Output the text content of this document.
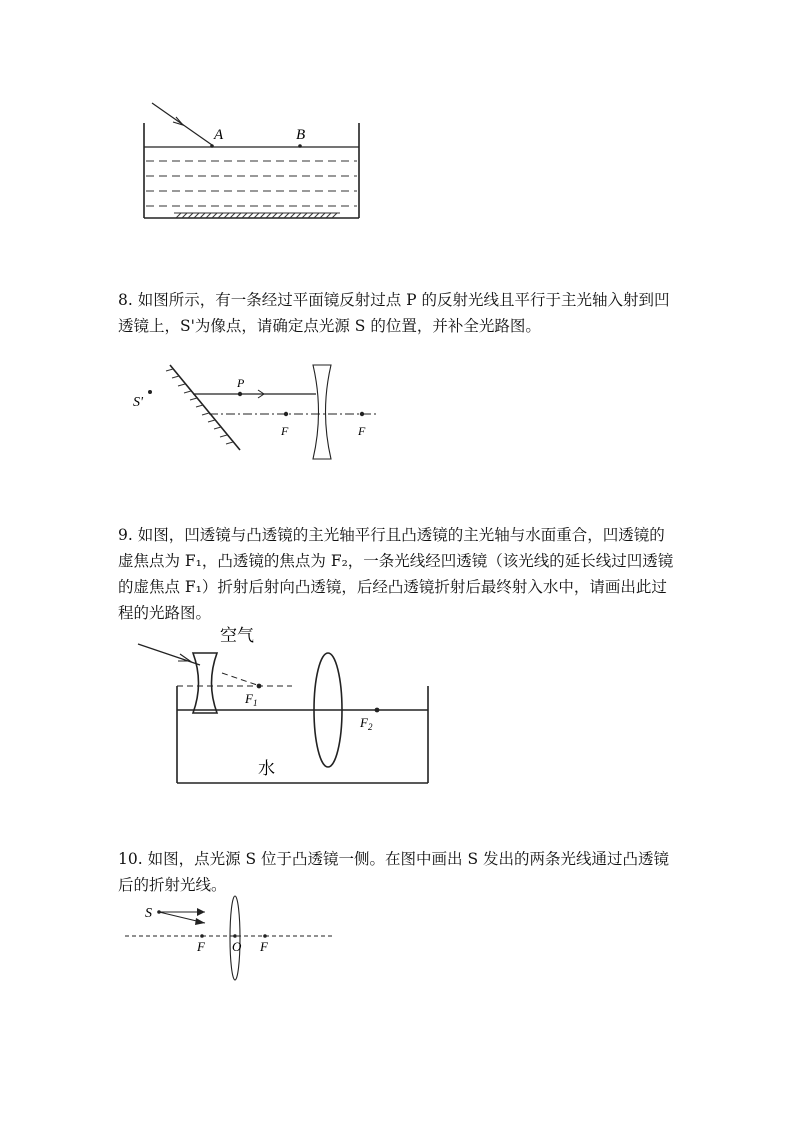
A	B
8. 如图所示，有一条经过平面镜反射过点 P 的反射光线且平行于主光轴入射到凹透镜上，S'为像点，请确定点光源 S 的位置，并补全光路图。
S'
P
F	F
9. 如图，凹透镜与凸透镜的主光轴平行且凸透镜的主光轴与水面重合，凹透镜的虚焦点为 F₁，凸透镜的焦点为 F₂，一条光线经凹透镜（该光线的延长线过凹透镜的虚焦点 F₁）折射后射向凸透镜，后经凸透镜折射后最终射入水中，请画出此过程的光路图。
空气
$F_1$
$F_2$
水
10. 如图，点光源 S 位于凸透镜一侧。在图中画出 S 发出的两条光线通过凸透镜后的折射光线。
S
F O F
